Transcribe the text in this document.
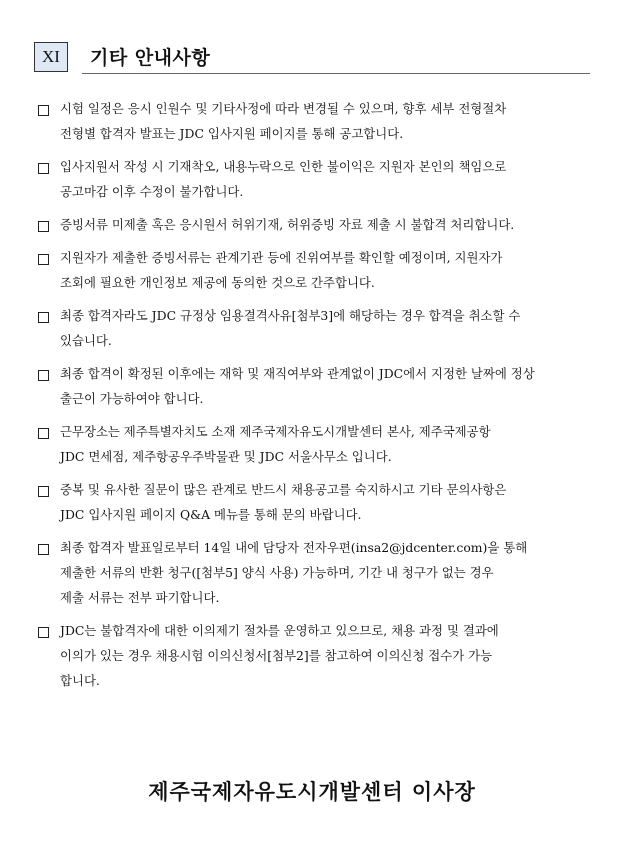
XI 기타 안내사항
시험 일정은 응시 인원수 및 기타사정에 따라 변경될 수 있으며, 향후 세부 전형절차
전형별 합격자 발표는 JDC 입사지원 페이지를 통해 공고합니다.
입사지원서 작성 시 기재착오, 내용누락으로 인한 불이익은 지원자 본인의 책임으로
공고마감 이후 수정이 불가합니다.
증빙서류 미제출 혹은 응시원서 허위기재, 허위증빙 자료 제출 시 불합격 처리합니다.
지원자가 제출한 증빙서류는 관계기관 등에 진위여부를 확인할 예정이며, 지원자가
조회에 필요한 개인정보 제공에 동의한 것으로 간주합니다.
최종 합격자라도 JDC 규정상 임용결격사유[첨부3]에 해당하는 경우 합격을 취소할 수
있습니다.
최종 합격이 확정된 이후에는 재학 및 재직여부와 관계없이 JDC에서 지정한 날짜에 정상
출근이 가능하여야 합니다.
근무장소는 제주특별자치도 소재 제주국제자유도시개발센터 본사, 제주국제공항
JDC 면세점, 제주항공우주박물관 및 JDC 서울사무소 입니다.
중복 및 유사한 질문이 많은 관계로 반드시 채용공고를 숙지하시고 기타 문의사항은
JDC 입사지원 페이지 Q&A 메뉴를 통해 문의 바랍니다.
최종 합격자 발표일로부터 14일 내에 담당자 전자우편(insa2@jdcenter.com)을 통해
제출한 서류의 반환 청구([첨부5] 양식 사용) 가능하며, 기간 내 청구가 없는 경우
제출 서류는 전부 파기합니다.
JDC는 불합격자에 대한 이의제기 절차를 운영하고 있으므로, 채용 과정 및 결과에
이의가 있는 경우 채용시험 이의신청서[첨부2]를 참고하여 이의신청 접수가 가능
합니다.
제주국제자유도시개발센터 이사장
